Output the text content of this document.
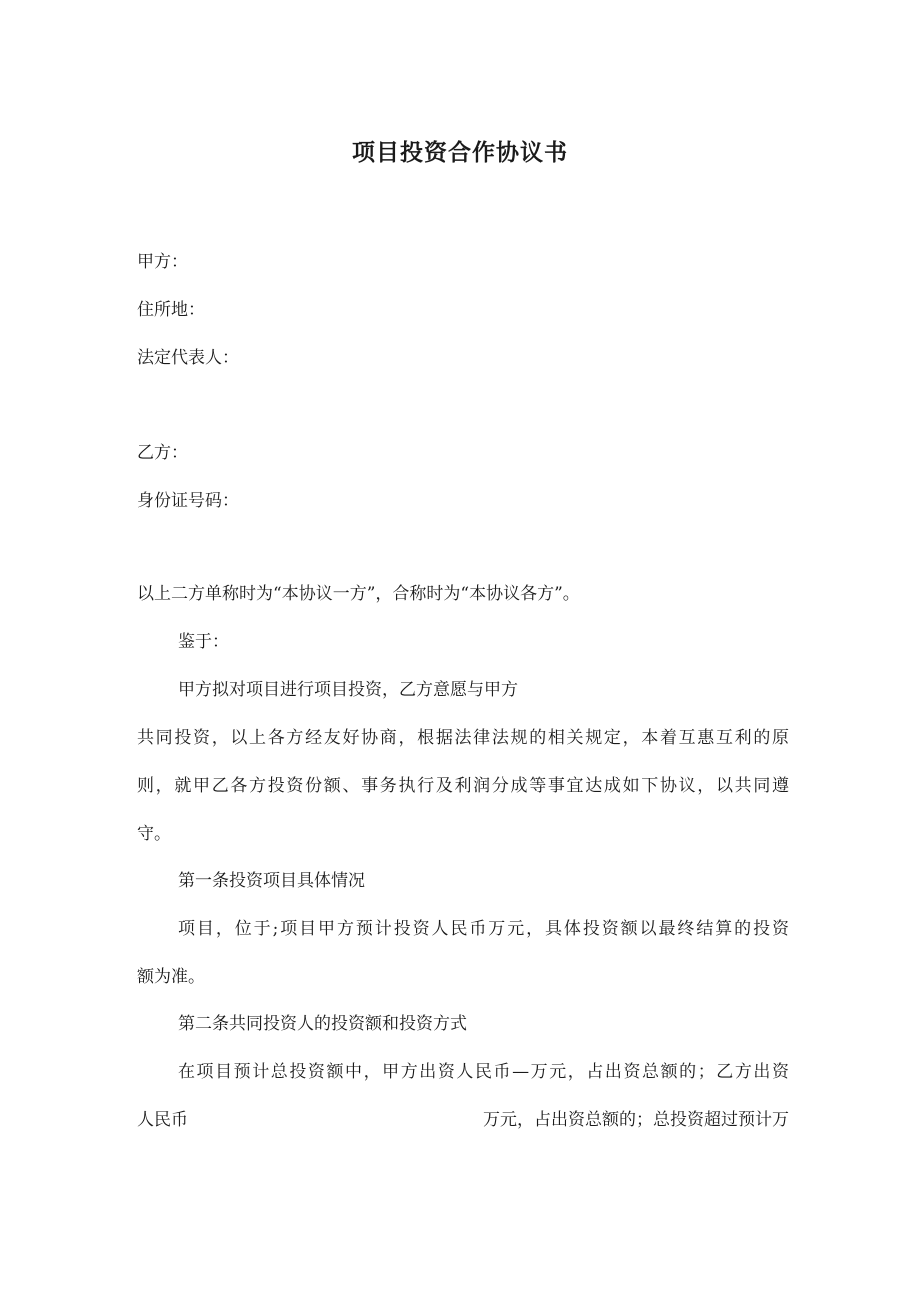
项目投资合作协议书

甲方：

住所地：

法定代表人：

乙方：

身份证号码：

以上二方单称时为“本协议一方”，合称时为“本协议各方”。

鉴于：

甲方拟对项目进行项目投资，乙方意愿与甲方

共同投资，以上各方经友好协商，根据法律法规的相关规定，本着互惠互利的原

则，就甲乙各方投资份额、事务执行及利润分成等事宜达成如下协议，以共同遵

守。

第一条投资项目具体情况

项目，位于;项目甲方预计投资人民币万元，具体投资额以最终结算的投资

额为准。

第二条共同投资人的投资额和投资方式

在项目预计总投资额中，甲方出资人民币—万元，占出资总额的；乙方出资

人民币	万元，占出资总额的；总投资超过预计万
